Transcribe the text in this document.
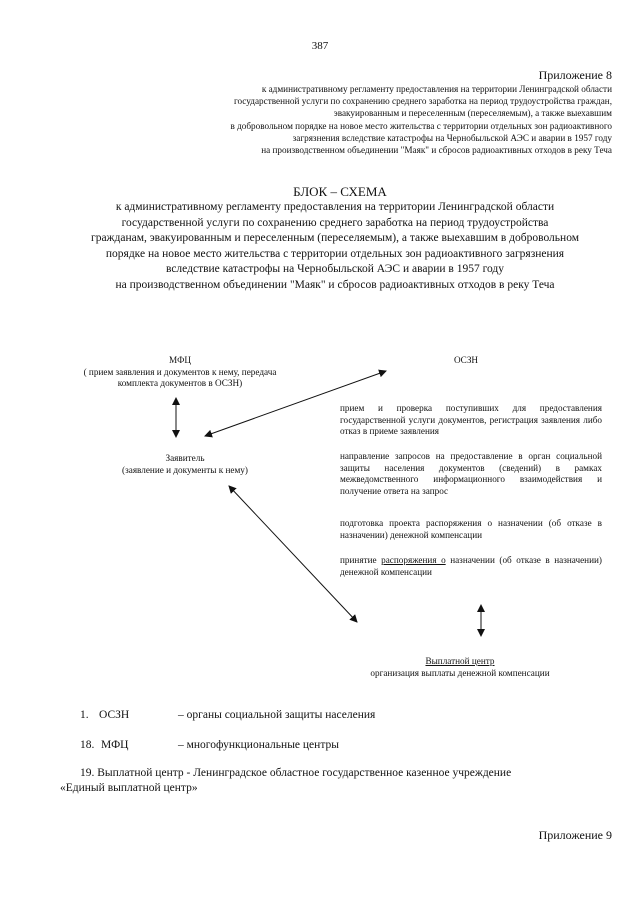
387
Приложение 8
к административному регламенту предоставления на территории Ленинградской области
государственной услуги по сохранению среднего заработка на период трудоустройства граждан,
эвакуированным и переселенным (переселяемым), а также выехавшим
в добровольном порядке на новое место жительства с территории отдельных зон радиоактивного
загрязнения вследствие катастрофы на Чернобыльской АЭС и аварии в 1957 году
на производственном объединении "Маяк" и сбросов радиоактивных отходов в реку Теча
БЛОК – СХЕМА
к административному регламенту предоставления на территории Ленинградской области
государственной услуги по сохранению среднего заработка на период трудоустройства
гражданам, эвакуированным и переселенным (переселяемым), а также выехавшим в добровольном
порядке на новое место жительства с территории отдельных зон радиоактивного загрязнения
вследствие катастрофы на Чернобыльской АЭС и аварии в 1957 году
на производственном объединении "Маяк" и сбросов радиоактивных отходов в реку Теча
МФЦ
( прием заявления и документов к нему, передача
комплекта документов в ОСЗН)
ОСЗН
Заявитель
(заявление и документы к нему)
прием и проверка поступивших для предоставления государственной услуги документов, регистрация заявления либо отказ в приеме заявления
направление запросов на предоставление в орган социальной защиты населения документов (сведений) в рамках межведомственного информационного взаимодействия и получение ответа на запрос
подготовка проекта распоряжения о назначении (об отказе в назначении) денежной компенсации
принятие распоряжения о назначении (об отказе в назначении) денежной компенсации
Выплатной центр
организация выплаты денежной компенсации
1. ОСЗН	– органы социальной защиты населения
18. МФЦ	– многофункциональные центры
19. Выплатной центр - Ленинградское областное государственное казенное учреждение
«Единый выплатной центр»
Приложение 9
